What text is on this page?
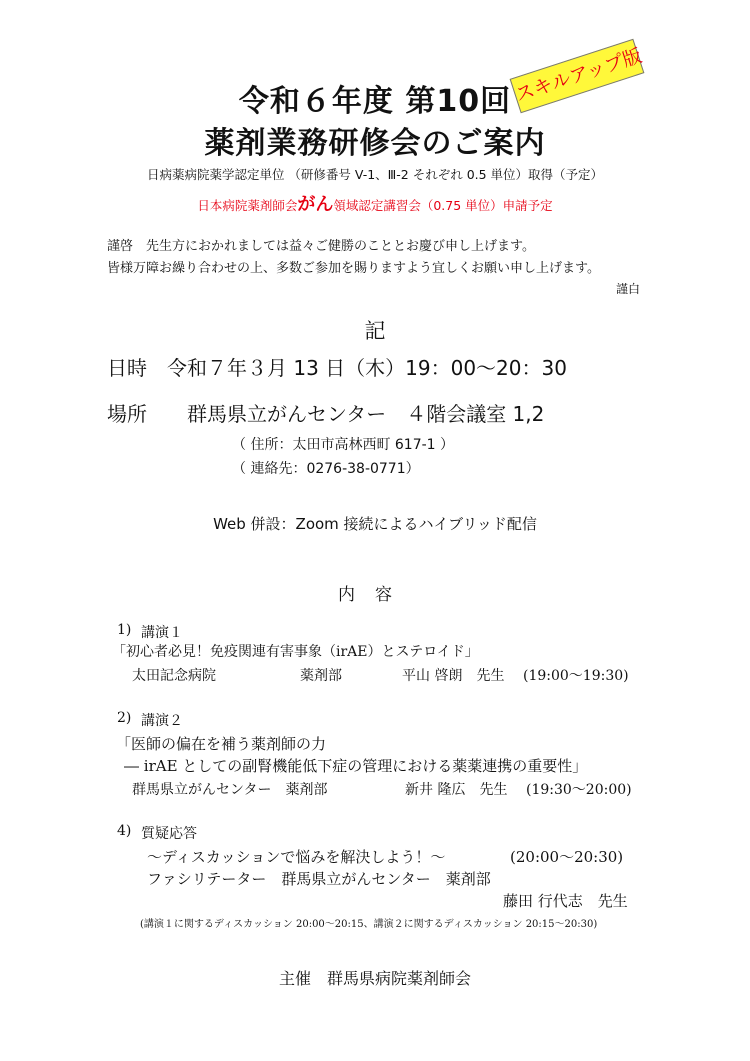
令和６年度 第10回
薬剤業務研修会のご案内
スキルアップ版
日病薬病院薬学認定単位 （研修番号 V-1、Ⅲ-2 それぞれ 0.5 単位）取得（予定）
日本病院薬剤師会がん領域認定講習会（0.75 単位）申請予定
謹啓　先生方におかれましては益々ご健勝のこととお慶び申し上げます。
皆様万障お繰り合わせの上、多数ご参加を賜りますよう宜しくお願い申し上げます。
謹白
記
日時　令和７年３月 13 日（木）19：00～20：30
場所　　群馬県立がんセンター　４階会議室 1,2
（ 住所：太田市高林西町 617-1 ）
（ 連絡先：0276-38-0771）
Web 併設：Zoom 接続によるハイブリッド配信
内容
1) 講演１
「初心者必見！免疫関連有害事象（irAE）とステロイド」
太田記念病院	薬剤部	平山 啓朗　先生 (19:00～19:30)
2) 講演２
「医師の偏在を補う薬剤師の力
― irAE としての副腎機能低下症の管理における薬薬連携の重要性」
群馬県立がんセンター　薬剤部	新井 隆広　先生 (19:30～20:00)
4) 質疑応答
～ディスカッションで悩みを解決しよう！～	(20:00～20:30)
ファシリテーター　群馬県立がんセンター　薬剤部
藤田 行代志　先生
(講演１に関するディスカッション 20:00～20:15、講演２に関するディスカッション 20:15～20:30)
主催　群馬県病院薬剤師会
